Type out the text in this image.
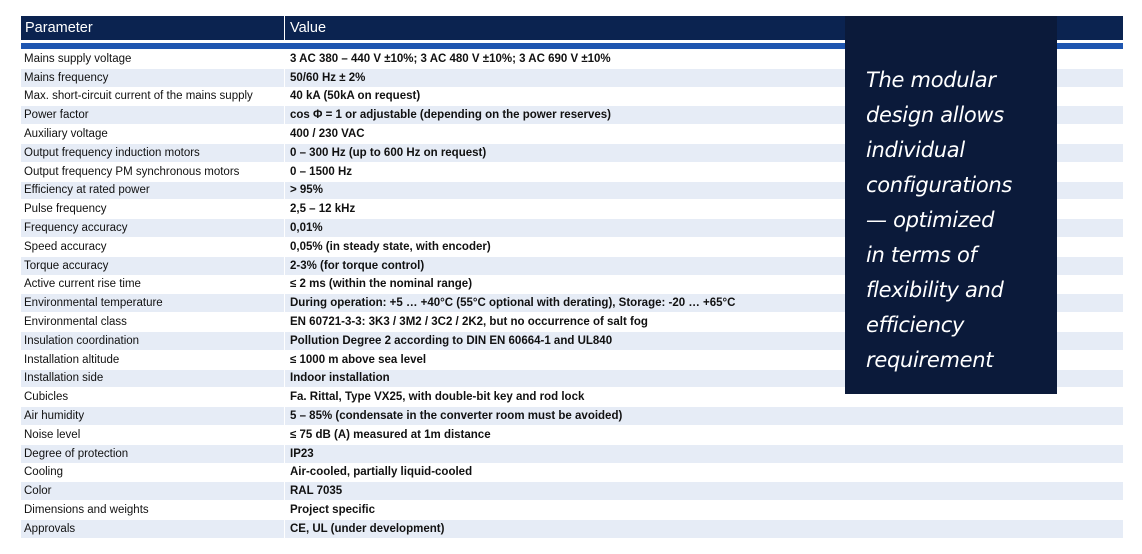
Parameter	Value
Mains supply voltage	3 AC 380 – 440 V ±10%; 3 AC 480 V ±10%; 3 AC 690 V ±10%
Mains frequency	50/60 Hz ± 2%
Max. short-circuit current of the mains supply	40 kA (50kA on request)
Power factor	cos Φ = 1 or adjustable (depending on the power reserves)
Auxiliary voltage	400 / 230 VAC
Output frequency induction motors	0 – 300 Hz (up to 600 Hz on request)
Output frequency PM synchronous motors	0 – 1500 Hz
Efficiency at rated power	> 95%
Pulse frequency	2,5 – 12 kHz
Frequency accuracy	0,01%
Speed accuracy	0,05% (in steady state, with encoder)
Torque accuracy	2-3% (for torque control)
Active current rise time	≤ 2 ms (within the nominal range)
Environmental temperature	During operation: +5 … +40°C (55°C optional with derating), Storage: -20 … +65°C
Environmental class	EN 60721-3-3: 3K3 / 3M2 / 3C2 / 2K2, but no occurrence of salt fog
Insulation coordination	Pollution Degree 2 according to DIN EN 60664-1 and UL840
Installation altitude	≤ 1000 m above sea level
Installation side	Indoor installation
Cubicles	Fa. Rittal, Type VX25, with double-bit key and rod lock
Air humidity	5 – 85% (condensate in the converter room must be avoided)
Noise level	≤ 75 dB (A) measured at 1m distance
Degree of protection	IP23
Cooling	Air-cooled, partially liquid-cooled
Color	RAL 7035
Dimensions and weights	Project specific
Approvals	CE, UL (under development)
The modular
design allows
individual
configurations
— optimized
in terms of
flexibility and
efficiency
requirement
